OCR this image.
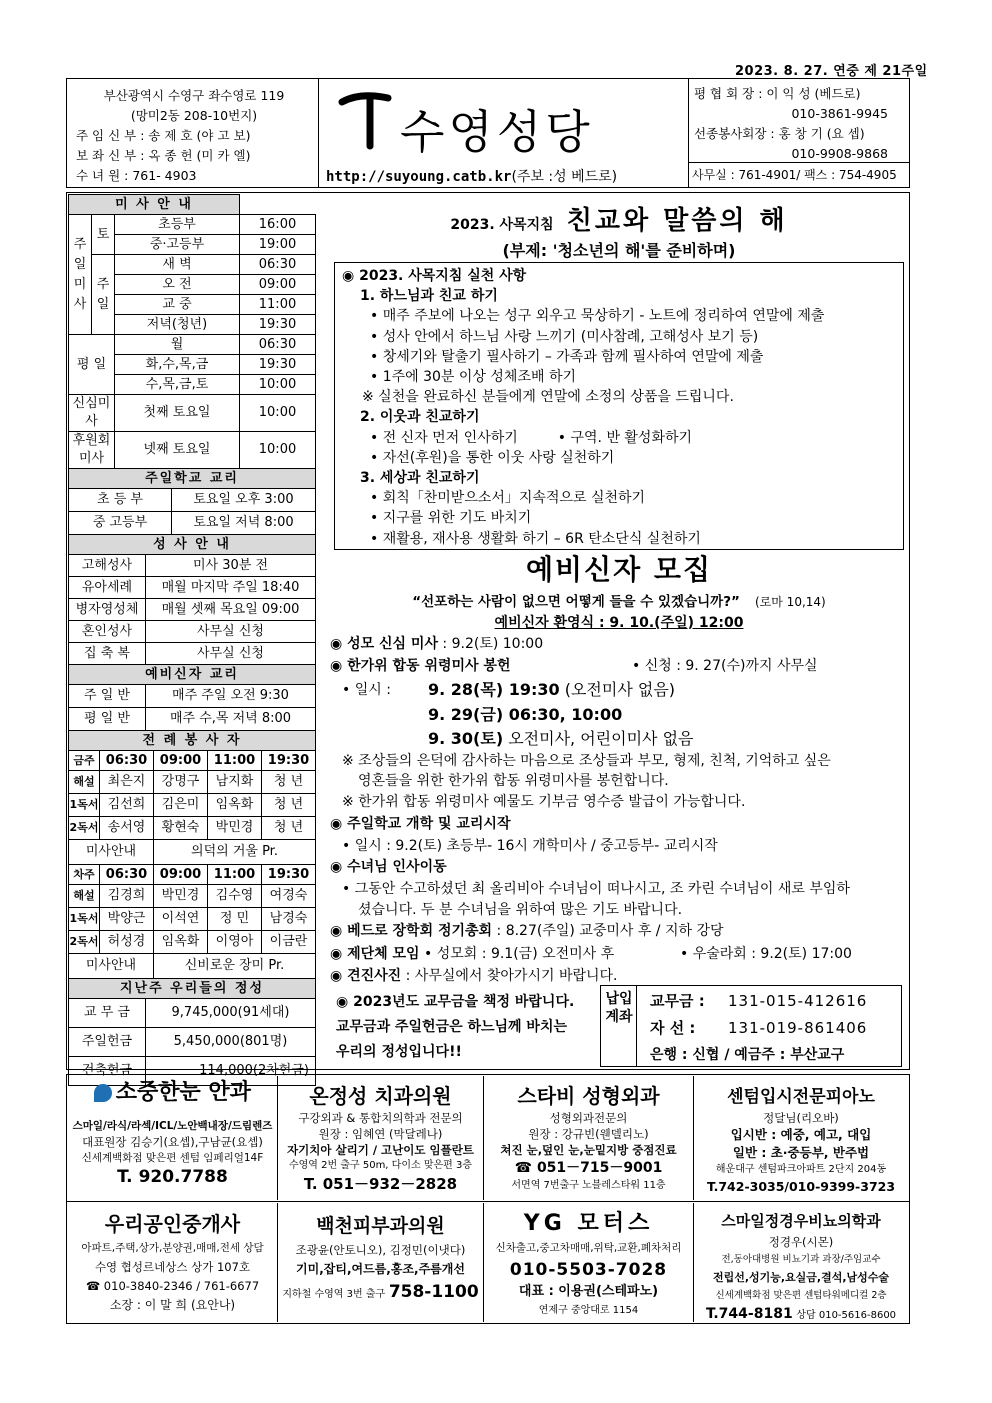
2023. 8. 27. 연중 제 21주일
부산광역시 수영구 좌수영로 119
(망미2동 208-10번지)
주 임 신 부 : 송 제 호 (야 고 보)
보 좌 신 부 : 옥 종 헌 (미 카 엘)
수 녀 원 : 761- 4903
수영성당
http://suyoung.catb.kr(주보 :성 베드로)
평 협 회 장 : 이 익 성 (베드로)
010-3861-9945
선종봉사회장 : 홍 창 기 (요 셉)
010-9908-9868
사무실 : 761-4901/ 팩스 : 754-4905
미 사 안 내			
주
일
미
사	토	초등부	16:00
		중·고등부	19:00
	주
일	새 벽	06:30
		오 전	09:00
		교 중	11:00
		저녁(청년)	19:30
평 일		월	06:30
		화,수,목,금	19:30
		수,목,금,토	10:00
신심미사		첫째 토요일	10:00
후원회미사		넷째 토요일	10:00
주일학교 교리	
초 등 부	토요일 오후 3:00
중 고등부	토요일 저녁 8:00
성 사 안 내	
고해성사	미사 30분 전
유아세례	매월 마지막 주일 18:40
병자영성체	매월 셋째 목요일 09:00
혼인성사	사무실 신청
집 축 복	사무실 신청
예비신자 교리	
주 일 반	매주 주일 오전 9:30
평 일 반	매주 수,목 저녁 8:00
전 례 봉 사 자				
금주	06:30	09:00	11:00	19:30
해설	최은지	강명구	남지화	청 년
1독서	김선희	김은미	임옥화	청 년
2독서	송서영	황현숙	박민경	청 년
미사안내		의덕의 거울 Pr.		
차주	06:30	09:00	11:00	19:30
해설	김경희	박민경	김수영	여경숙
1독서	박양근	이석연	정 민	남경숙
2독서	허성경	임옥화	이영아	이금란
미사안내		신비로운 장미 Pr.		
지난주 우리들의 정성	
교 무 금	9,745,000(91세대)
주일헌금	5,450,000(801명)
건축헌금	114,000(2차헌금)
2023. 사목지침 친교와 말씀의 해
(부제: '청소년의 해'를 준비하며)
◉ 2023. 사목지침 실천 사항
1. 하느님과 친교 하기
• 매주 주보에 나오는 성구 외우고 묵상하기 - 노트에 정리하여 연말에 제출
• 성사 안에서 하느님 사랑 느끼기 (미사참례, 고해성사 보기 등)
• 창세기와 탈출기 필사하기 – 가족과 함께 필사하여 연말에 제출
• 1주에 30분 이상 성체조배 하기
※ 실천을 완료하신 분들에게 연말에 소정의 상품을 드립니다.
2. 이웃과 친교하기
• 전 신자 먼저 인사하기	• 구역. 반 활성화하기
• 자선(후원)을 통한 이웃 사랑 실천하기
3. 세상과 친교하기
• 회칙「찬미받으소서」지속적으로 실천하기
• 지구를 위한 기도 바치기
• 재활용, 재사용 생활화 하기 – 6R 탄소단식 실천하기
예비신자 모집
“선포하는 사람이 없으면 어떻게 들을 수 있겠습니까?” (로마 10,14)
예비신자 환영식 : 9. 10.(주일) 12:00
◉ 성모 신심 미사 : 9.2(토) 10:00
◉ 한가위 합동 위령미사 봉헌	• 신청 : 9. 27(수)까지 사무실
• 일시 : 9. 28(목) 19:30 (오전미사 없음)
9. 29(금) 06:30, 10:00
9. 30(토) 오전미사, 어린이미사 없음
※ 조상들의 은덕에 감사하는 마음으로 조상들과 부모, 형제, 친척, 기억하고 싶은
영혼들을 위한 한가위 합동 위령미사를 봉헌합니다.
※ 한가위 합동 위령미사 예물도 기부금 영수증 발급이 가능합니다.
◉ 주일학교 개학 및 교리시작
• 일시 : 9.2(토) 초등부- 16시 개학미사 / 중고등부- 교리시작
◉ 수녀님 인사이동
• 그동안 수고하셨던 최 올리비아 수녀님이 떠나시고, 조 카린 수녀님이 새로 부임하
셨습니다. 두 분 수녀님을 위하여 많은 기도 바랍니다.
◉ 베드로 장학회 정기총회 : 8.27(주일) 교중미사 후 / 지하 강당
◉ 제단체 모임 • 성모회 : 9.1(금) 오전미사 후	• 우술라회 : 9.2(토) 17:00
◉ 견진사진 : 사무실에서 찾아가시기 바랍니다.
◉ 2023년도 교무금을 책정 바랍니다.
교무금과 주일헌금은 하느님께 바치는
우리의 정성입니다!!
납입계좌
교무금 : 131-015-412616
자 선 : 131-019-861406
은행 : 신협 / 예금주 : 부산교구
소중한눈 안과
스마일/라식/라섹/ICL/노안백내장/드림렌즈
대표원장 김승기(요셉),구남균(요셉)
신세계백화점 맞은편 센텀 임페리얼14F
T. 920.7788
온정성 치과의원
구강외과 & 통합치의학과 전문의
원장 : 임혜연 (막달레나)
자기치아 살리기 / 고난이도 임플란트
수영역 2번 출구 50m, 다이소 맞은편 3층
T. 051－932－2828
스타비 성형외과
성형외과전문의
원장 : 강규빈(웬델리노)
쳐진 눈,덮인 눈,눈밑지방 중점진료
☎ 051－715－9001
서면역 7번출구 노블레스타워 11층
센텀입시전문피아노
정달님(리오바)
입시반 : 예중, 예고, 대입
일반 : 초·중등부, 반주법
해운대구 센텀파크아파트 2단지 204동
T.742-3035/010-9399-3723
우리공인중개사
아파트,주택,상가,분양권,매매,전세 상담
수영 협성르네상스 상가 107호
☎ 010-3840-2346 / 761-6677
소장 : 이 말 희 (요안나)
백천피부과의원
조광윤(안토니오), 김정민(이냇다)
기미,잡티,여드름,홍조,주름개선
지하철 수영역 3번 출구 758-1100
YG 모터스
신차출고,중고차매매,위탁,교환,폐차처리
010-5503-7028
대표 : 이용권(스테파노)
연제구 중앙대로 1154
스마일정경우비뇨의학과
정경우(시몬)
전,동아대병원 비뇨기과 과장/주임교수
전립선,성기능,요실금,결석,남성수술
신세계백화점 맞은편 센텀타워메디컬 2층
T.744-8181 상담 010-5616-8600
